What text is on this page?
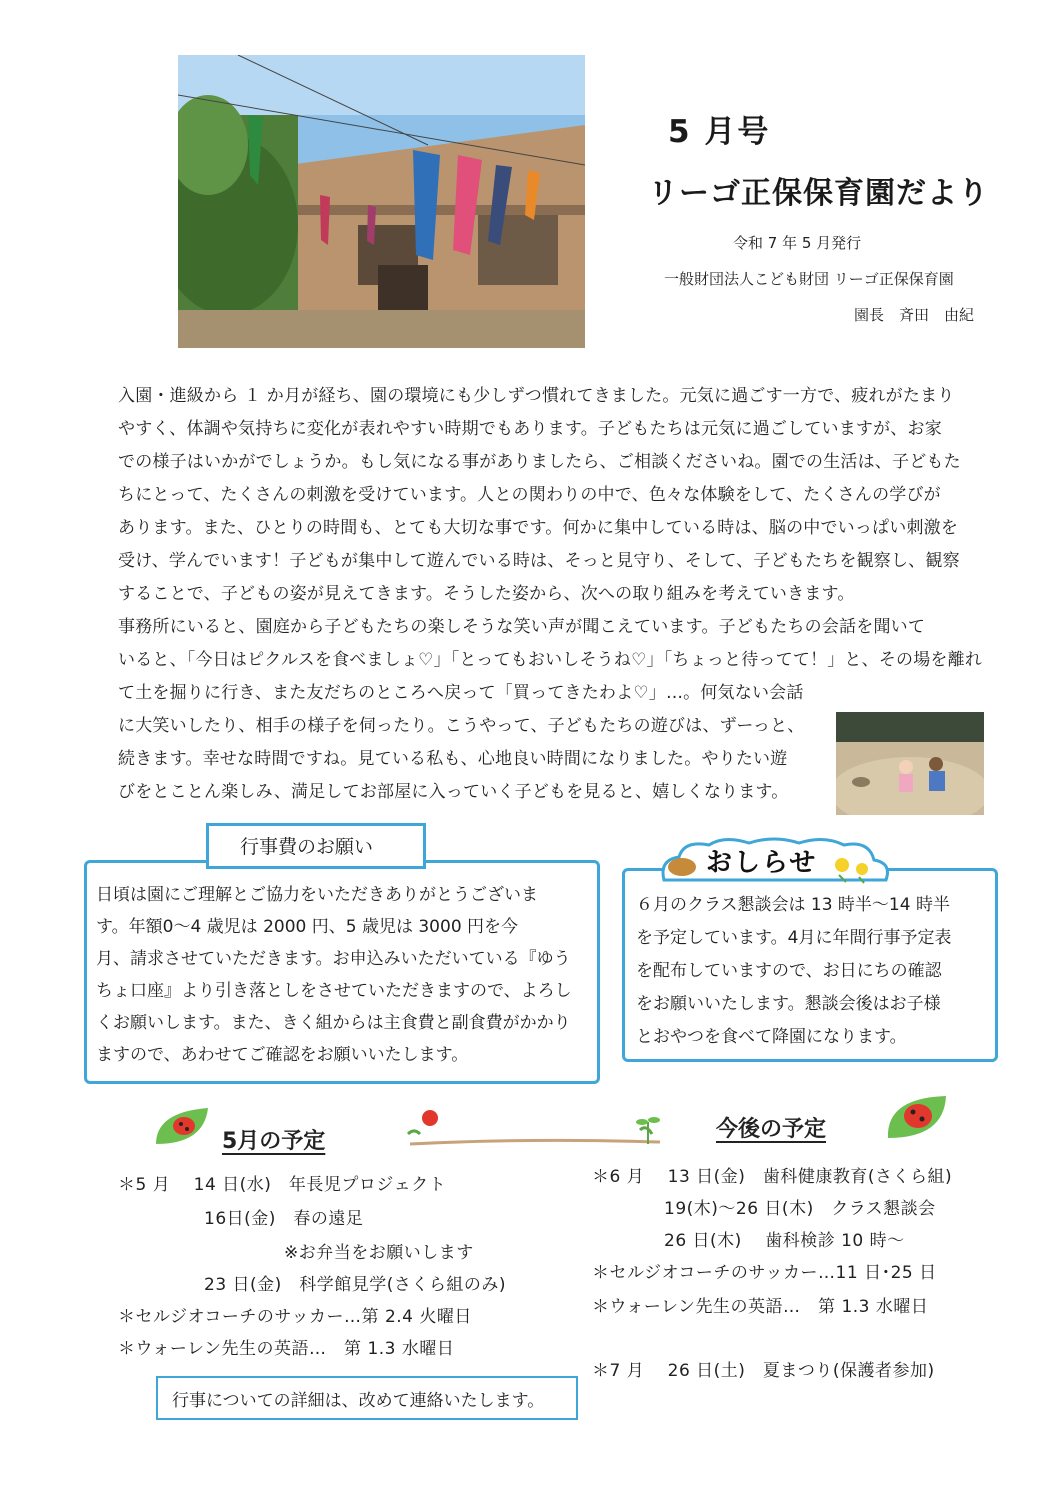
5 月号
リーゴ正保保育園だより
令和 7 年 5 月発行
一般財団法人こども財団 リーゴ正保保育園
園長　斉田　由紀
入園・進級から １ か月が経ち、園の環境にも少しずつ慣れてきました。元気に過ごす一方で、疲れがたまり
やすく、体調や気持ちに変化が表れやすい時期でもあります。子どもたちは元気に過ごしていますが、お家
での様子はいかがでしょうか。もし気になる事がありましたら、ご相談くださいね。園での生活は、子どもた
ちにとって、たくさんの刺激を受けています。人との関わりの中で、色々な体験をして、たくさんの学びが
あります。また、ひとりの時間も、とても大切な事です。何かに集中している時は、脳の中でいっぱい刺激を
受け、学んでいます！子どもが集中して遊んでいる時は、そっと見守り、そして、子どもたちを観察し、観察
することで、子どもの姿が見えてきます。そうした姿から、次への取り組みを考えていきます。
事務所にいると、園庭から子どもたちの楽しそうな笑い声が聞こえています。子どもたちの会話を聞いて
いると、「今日はピクルスを食べましょ♡」「とってもおいしそうね♡」「ちょっと待ってて！」と、その場を離れ
て土を掘りに行き、また友だちのところへ戻って「買ってきたわよ♡」…。何気ない会話
に大笑いしたり、相手の様子を伺ったり。こうやって、子どもたちの遊びは、ずーっと、
続きます。幸せな時間ですね。見ている私も、心地良い時間になりました。やりたい遊
びをとことん楽しみ、満足してお部屋に入っていく子どもを見ると、嬉しくなります。
行事費のお願い
日頃は園にご理解とご協力をいただきありがとうございま
す。年額0～4 歳児は 2000 円、5 歳児は 3000 円を今
月、請求させていただきます。お申込みいただいている『ゆう
ちょ口座』より引き落としをさせていただきますので、よろし
くお願いします。また、きく組からは主食費と副食費がかかり
ますので、あわせてご確認をお願いいたします。
おしらせ
６月のクラス懇談会は 13 時半～14 時半
を予定しています。4月に年間行事予定表
を配布していますので、お日にちの確認
をお願いいたします。懇談会後はお子様
とおやつを食べて降園になります。
5月の予定
＊5 月　 14 日(水)　年長児プロジェクト
16日(金)　春の遠足
※お弁当をお願いします
23 日(金)　科学館見学(さくら組のみ)
＊セルジオコーチのサッカー…第 2.4 火曜日
＊ウォーレン先生の英語…　第 1.3 水曜日
行事についての詳細は、改めて連絡いたします。
今後の予定
＊6 月　 13 日(金)　歯科健康教育(さくら組)
19(木)～26 日(木)　クラス懇談会
26 日(木)　 歯科検診 10 時～
＊セルジオコーチのサッカー…11 日･25 日
＊ウォーレン先生の英語…　第 1.3 水曜日
＊7 月　 26 日(土)　夏まつり(保護者参加)
